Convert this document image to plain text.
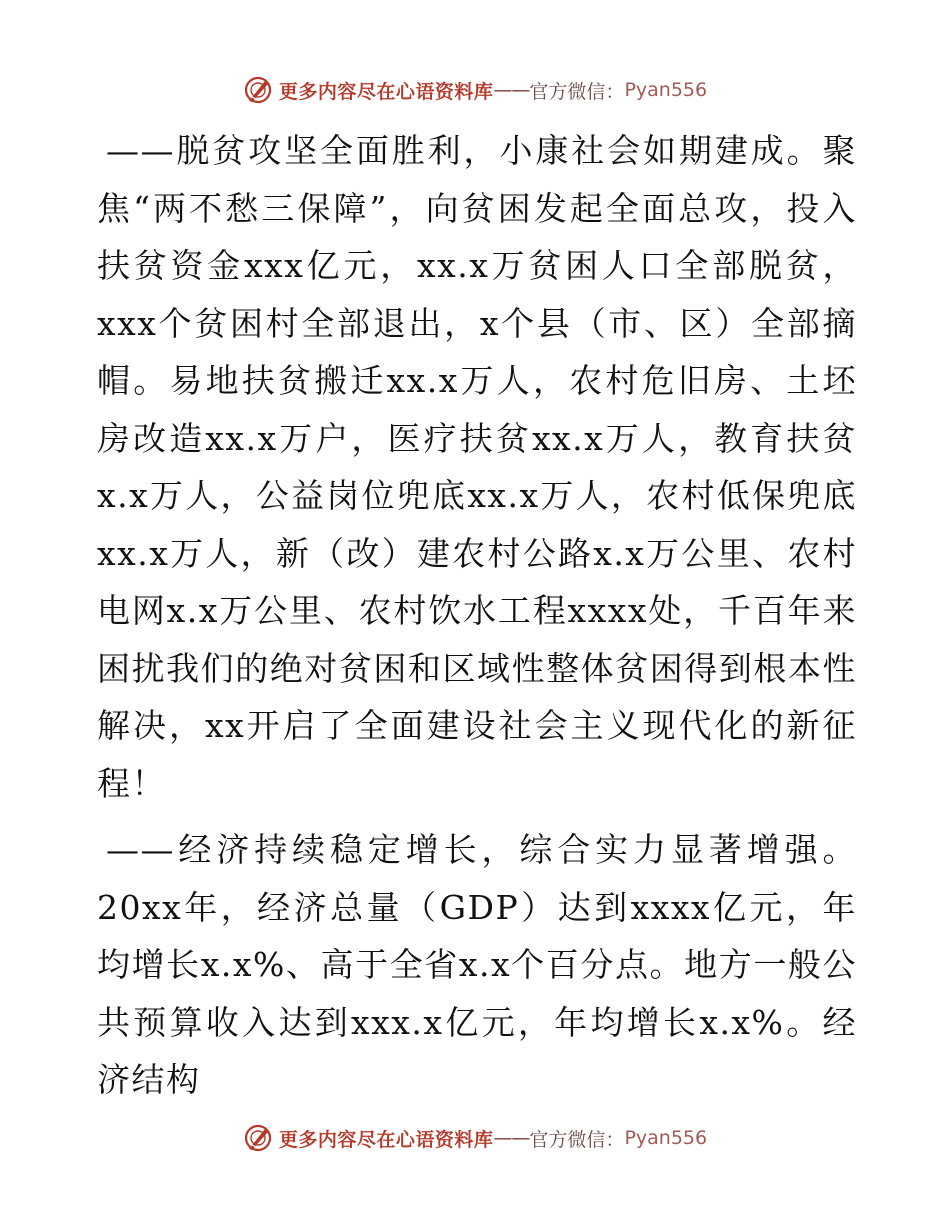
更多内容尽在心语资料库 —— 官方微信： Pyan556

——脱贫攻坚全面胜利，小康社会如期建成。聚焦“两不愁三保障”，向贫困发起全面总攻，投入扶贫资金xxx亿元，xx.x万贫困人口全部脱贫，xxx个贫困村全部退出，x个县（市、区）全部摘帽。易地扶贫搬迁xx.x万人，农村危旧房、土坯房改造xx.x万户，医疗扶贫xx.x万人，教育扶贫x.x万人，公益岗位兜底xx.x万人，农村低保兜底xx.x万人，新（改）建农村公路x.x万公里、农村电网x.x万公里、农村饮水工程xxxx处，千百年来困扰我们的绝对贫困和区域性整体贫困得到根本性解决，xx开启了全面建设社会主义现代化的新征程！

——经济持续稳定增长，综合实力显著增强。20xx年，经济总量（GDP）达到xxxx亿元，年均增长x.x%、高于全省x.x个百分点。地方一般公共预算收入达到xxx.x亿元，年均增长x.x%。经济结构

更多内容尽在心语资料库 —— 官方微信： Pyan556
